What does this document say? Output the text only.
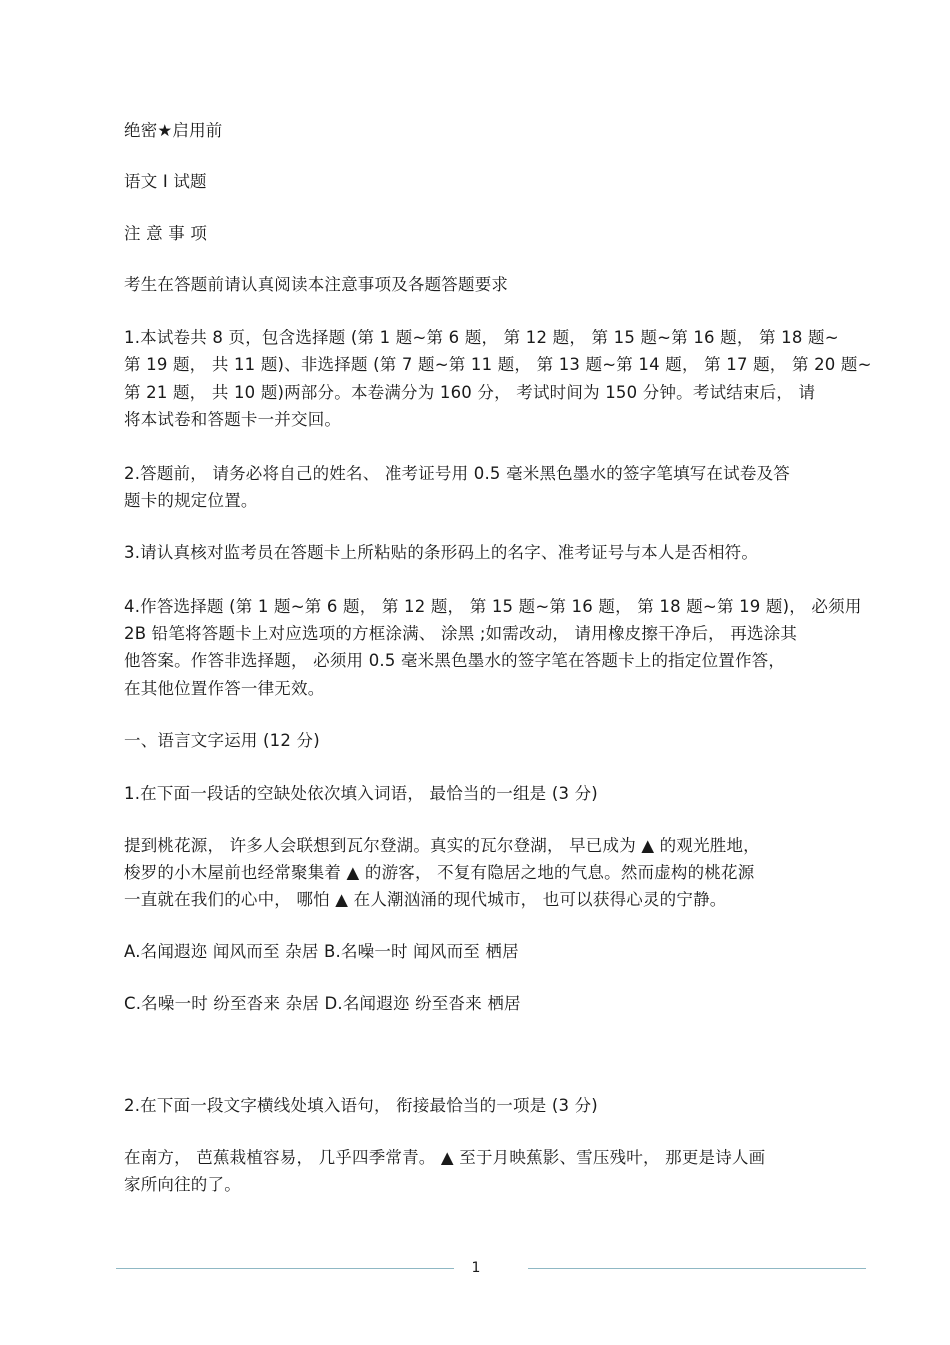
绝密★启用前
语文 I 试题
注 意 事 项
考生在答题前请认真阅读本注意事项及各题答题要求
1.本试卷共 8 页，包含选择题 (第 1 题~第 6 题， 第 12 题， 第 15 题~第 16 题， 第 18 题~
第 19 题， 共 11 题)、非选择题 (第 7 题~第 11 题， 第 13 题~第 14 题， 第 17 题， 第 20 题~
第 21 题， 共 10 题)两部分。本卷满分为 160 分， 考试时间为 150 分钟。考试结束后， 请
将本试卷和答题卡一并交回。
2.答题前， 请务必将自己的姓名、 准考证号用 0.5 毫米黑色墨水的签字笔填写在试卷及答
题卡的规定位置。
3.请认真核对监考员在答题卡上所粘贴的条形码上的名字、准考证号与本人是否相符。
4.作答选择题 (第 1 题~第 6 题， 第 12 题， 第 15 题~第 16 题， 第 18 题~第 19 题)， 必须用
2B 铅笔将答题卡上对应选项的方框涂满、 涂黑 ;如需改动， 请用橡皮擦干净后， 再选涂其
他答案。作答非选择题， 必须用 0.5 毫米黑色墨水的签字笔在答题卡上的指定位置作答，
在其他位置作答一律无效。
一、语言文字运用 (12 分)
1.在下面一段话的空缺处依次填入词语， 最恰当的一组是 (3 分)
提到桃花源， 许多人会联想到瓦尔登湖。真实的瓦尔登湖， 早已成为 ▲ 的观光胜地，
梭罗的小木屋前也经常聚集着 ▲ 的游客， 不复有隐居之地的气息。然而虚构的桃花源
一直就在我们的心中， 哪怕 ▲ 在人潮汹涌的现代城市， 也可以获得心灵的宁静。
A.名闻遐迩 闻风而至 杂居 B.名噪一时 闻风而至 栖居
C.名噪一时 纷至沓来 杂居 D.名闻遐迩 纷至沓来 栖居
2.在下面一段文字横线处填入语句， 衔接最恰当的一项是 (3 分)
在南方， 芭蕉栽植容易， 几乎四季常青。 ▲ 至于月映蕉影、雪压残叶， 那更是诗人画
家所向往的了。
1
